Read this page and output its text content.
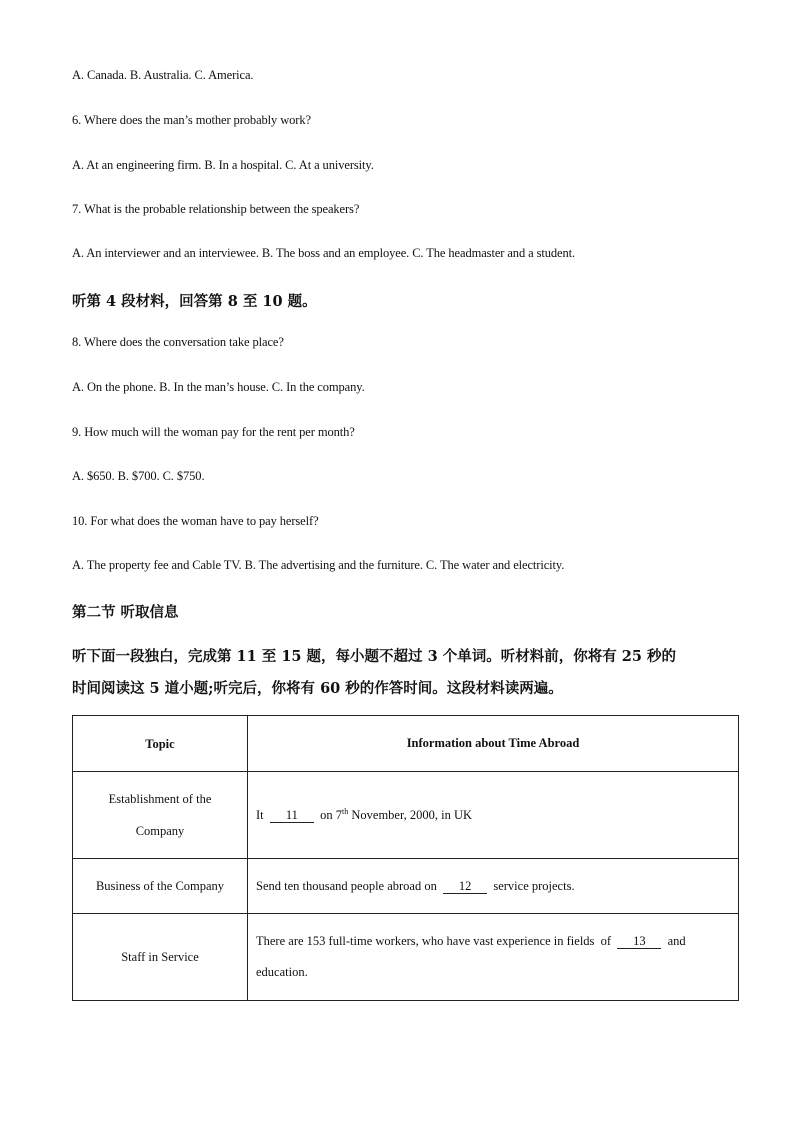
A. Canada. B. Australia. C. America.
6. Where does the man’s mother probably work?
A. At an engineering firm. B. In a hospital. C. At a university.
7. What is the probable relationship between the speakers?
A. An interviewer and an interviewee. B. The boss and an employee. C. The headmaster and a student.
听第 4 段材料，回答第 8 至 10 题。
8. Where does the conversation take place?
A. On the phone. B. In the man’s house. C. In the company.
9. How much will the woman pay for the rent per month?
A. $650. B. $700. C. $750.
10. For what does the woman have to pay herself?
A. The property fee and Cable TV. B. The advertising and the furniture. C. The water and electricity.
第二节 听取信息
听下面一段独白，完成第 11 至 15 题，每小题不超过 3 个单词。听材料前，你将有 25 秒的
时间阅读这 5 道小题;听完后，你将有 60 秒的作答时间。这段材料读两遍。
Topic	Information about Time Abroad
Establishment of the
Company	It  11  on 7th November, 2000, in UK
Business of the Company	Send ten thousand people abroad on  12  service projects.
Staff in Service	There are 153 full-time workers, who have vast experience in fields  of  13  and
education.
